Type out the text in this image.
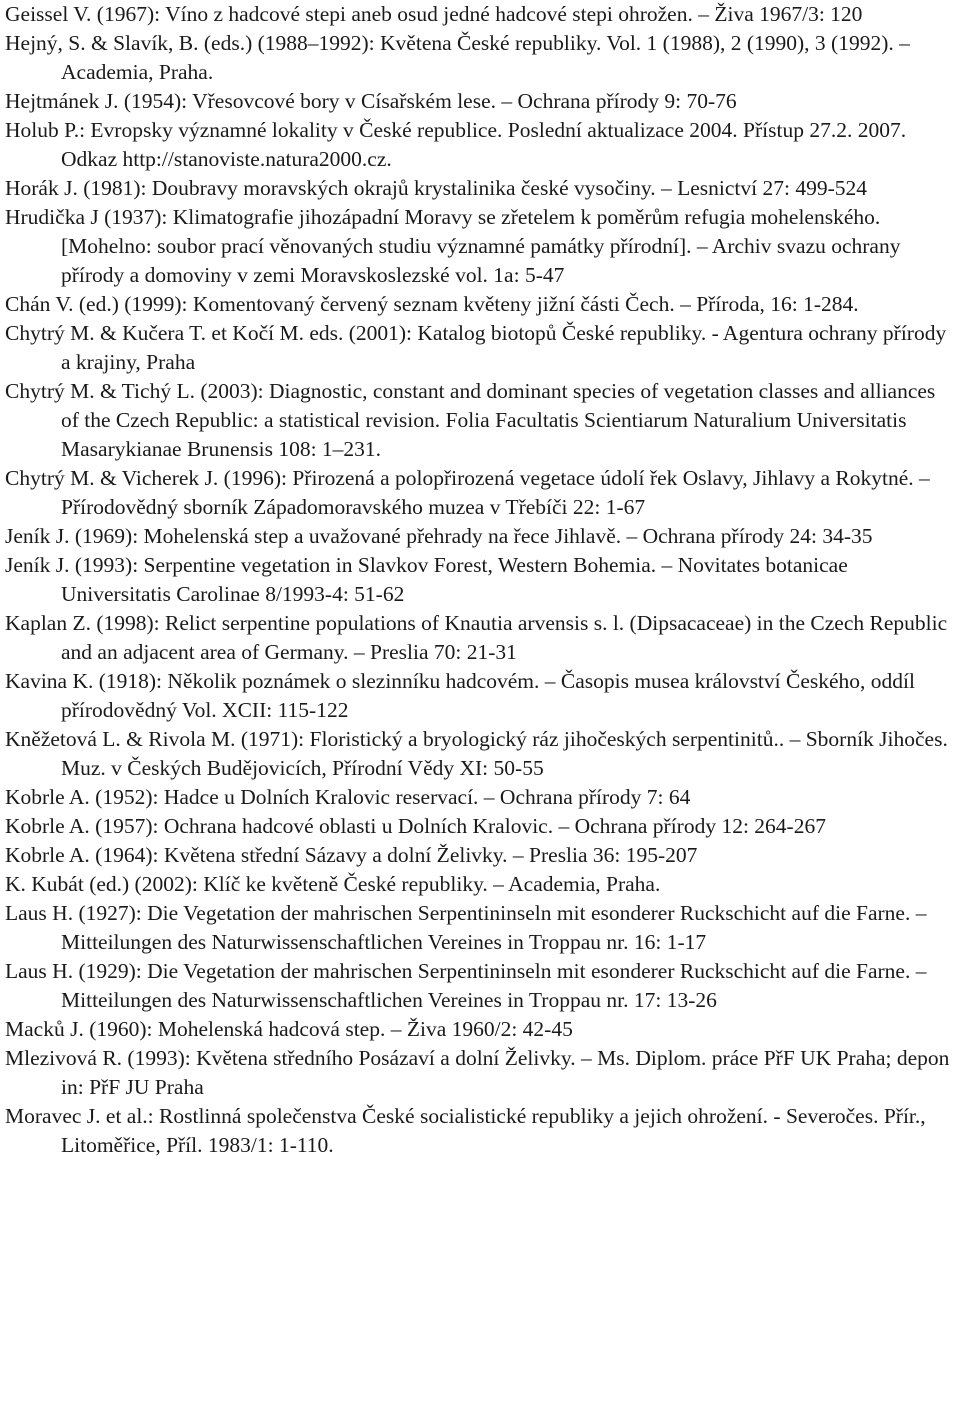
Geissel V. (1967): Víno z hadcové stepi aneb osud jedné hadcové stepi ohrožen. – Živa 1967/3: 120

Hejný, S. & Slavík, B. (eds.) (1988–1992): Květena České republiky. Vol. 1 (1988), 2 (1990), 3 (1992). – Academia, Praha.

Hejtmánek J. (1954): Vřesovcové bory v Císařském lese. – Ochrana přírody 9: 70-76

Holub P.: Evropsky významné lokality v České republice. Poslední aktualizace 2004. Přístup 27.2. 2007. Odkaz http://stanoviste.natura2000.cz.

Horák J. (1981): Doubravy moravských okrajů krystalinika české vysočiny. – Lesnictví 27: 499-524

Hrudička J (1937): Klimatografie jihozápadní Moravy se zřetelem k poměrům refugia mohelenského. [Mohelno: soubor prací věnovaných studiu významné památky přírodní]. – Archiv svazu ochrany přírody a domoviny v zemi Moravskoslezské vol. 1a: 5-47

Chán V. (ed.) (1999): Komentovaný červený seznam květeny jižní části Čech. – Příroda, 16: 1-284.

Chytrý M. & Kučera T. et Kočí M. eds. (2001): Katalog biotopů České republiky. - Agentura ochrany přírody a krajiny, Praha

Chytrý M. & Tichý L. (2003): Diagnostic, constant and dominant species of vegetation classes and alliances of the Czech Republic: a statistical revision. Folia Facultatis Scientiarum Naturalium Universitatis Masarykianae Brunensis 108: 1–231.

Chytrý M. & Vicherek J. (1996): Přirozená a polopřirozená vegetace údolí řek Oslavy, Jihlavy a Rokytné. – Přírodovědný sborník Západomoravského muzea v Třebíči 22: 1-67

Jeník J. (1969): Mohelenská step a uvažované přehrady na řece Jihlavě. – Ochrana přírody 24: 34-35

Jeník J. (1993): Serpentine vegetation in Slavkov Forest, Western Bohemia. – Novitates botanicae Universitatis Carolinae 8/1993-4: 51-62

Kaplan Z. (1998): Relict serpentine populations of Knautia arvensis s. l. (Dipsacaceae) in the Czech Republic and an adjacent area of Germany. – Preslia 70: 21-31

Kavina K. (1918): Několik poznámek o slezinníku hadcovém. – Časopis musea království Českého, oddíl přírodovědný Vol. XCII: 115-122

Kněžetová L. & Rivola M. (1971): Floristický a bryologický ráz jihočeských serpentinitů.. – Sborník Jihočes. Muz. v Českých Budějovicích, Přírodní Vědy XI: 50-55

Kobrle A. (1952): Hadce u Dolních Kralovic reservací. – Ochrana přírody 7: 64

Kobrle A. (1957): Ochrana hadcové oblasti u Dolních Kralovic. – Ochrana přírody 12: 264-267

Kobrle A. (1964): Květena střední Sázavy a dolní Želivky. – Preslia 36: 195-207

K. Kubát (ed.) (2002): Klíč ke květeně České republiky. – Academia, Praha.

Laus H. (1927): Die Vegetation der mahrischen Serpentininseln mit esonderer Ruckschicht auf die Farne. – Mitteilungen des Naturwissenschaftlichen Vereines in Troppau nr. 16: 1-17

Laus H. (1929): Die Vegetation der mahrischen Serpentininseln mit esonderer Ruckschicht auf die Farne. – Mitteilungen des Naturwissenschaftlichen Vereines in Troppau nr. 17: 13-26

Macků J. (1960): Mohelenská hadcová step. – Živa 1960/2: 42-45

Mlezivová R. (1993): Květena středního Posázaví a dolní Želivky. – Ms. Diplom. práce PřF UK Praha; depon in: PřF JU Praha

Moravec J. et al.: Rostlinná společenstva České socialistické republiky a jejich ohrožení. - Severočes. Přír., Litoměřice, Příl. 1983/1: 1-110.
